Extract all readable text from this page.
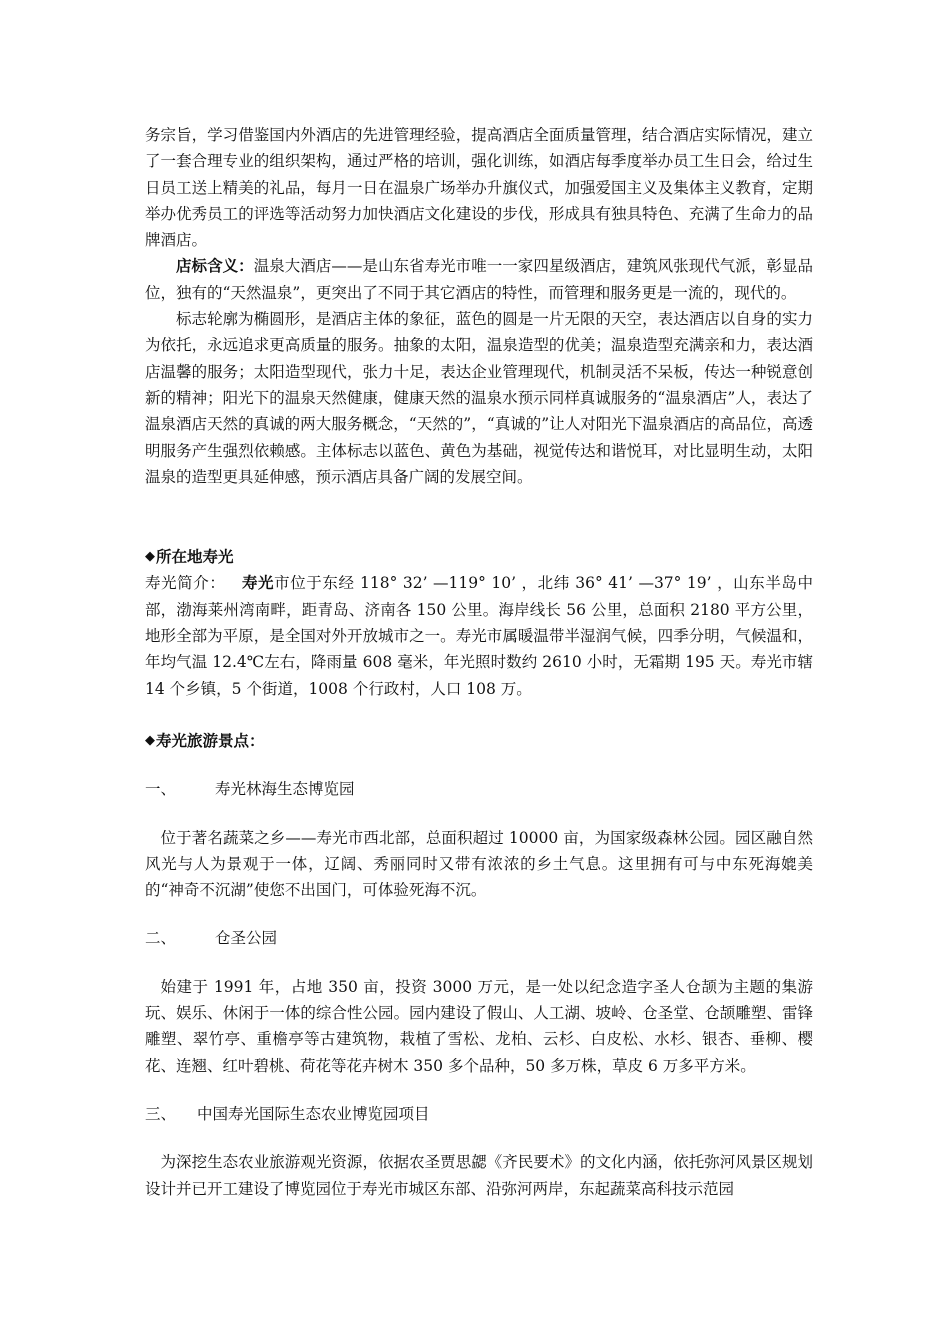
务宗旨，学习借鉴国内外酒店的先进管理经验，提高酒店全面质量管理，结合酒店实际情况，建立了一套合理专业的组织架构，通过严格的培训，强化训练，如酒店每季度举办员工生日会，给过生日员工送上精美的礼品，每月一日在温泉广场举办升旗仪式，加强爱国主义及集体主义教育，定期举办优秀员工的评选等活动努力加快酒店文化建设的步伐，形成具有独具特色、充满了生命力的品牌酒店。

店标含义：温泉大酒店——是山东省寿光市唯一一家四星级酒店，建筑风张现代气派，彰显品位，独有的“天然温泉”，更突出了不同于其它酒店的特性，而管理和服务更是一流的，现代的。

标志轮廓为椭圆形，是酒店主体的象征，蓝色的圆是一片无限的天空，表达酒店以自身的实力为依托，永远追求更高质量的服务。抽象的太阳，温泉造型的优美；温泉造型充满亲和力，表达酒店温馨的服务；太阳造型现代，张力十足，表达企业管理现代，机制灵活不呆板，传达一种锐意创新的精神；阳光下的温泉天然健康，健康天然的温泉水预示同样真诚服务的“温泉酒店”人，表达了温泉酒店天然的真诚的两大服务概念，“天然的”，“真诚的”让人对阳光下温泉酒店的高品位，高透明服务产生强烈依赖感。主体标志以蓝色、黄色为基础，视觉传达和谐悦耳，对比显明生动，太阳温泉的造型更具延伸感，预示酒店具备广阔的发展空间。

◆ 所在地寿光

寿光简介： 寿光市位于东经 118° 32’ —119° 10’ ，北纬 36° 41’ —37° 19’ ，山东半岛中部，渤海莱州湾南畔，距青岛、济南各 150 公里。海岸线长 56 公里，总面积 2180 平方公里，地形全部为平原，是全国对外开放城市之一。寿光市属暖温带半湿润气候，四季分明，气候温和，年均气温 12.4℃左右，降雨量 608 毫米，年光照时数约 2610 小时，无霜期 195 天。寿光市辖 14 个乡镇，5 个街道，1008 个行政村，人口 108 万。

◆ 寿光旅游景点：
一、	寿光林海生态博览园

位于著名蔬菜之乡——寿光市西北部，总面积超过 10000 亩，为国家级森林公园。园区融自然风光与人为景观于一体，辽阔、秀丽同时又带有浓浓的乡土气息。这里拥有可与中东死海媲美的“神奇不沉湖”使您不出国门，可体验死海不沉。

二、	仓圣公园

始建于 1991 年，占地 350 亩，投资 3000 万元，是一处以纪念造字圣人仓颉为主题的集游玩、娱乐、休闲于一体的综合性公园。园内建设了假山、人工湖、坡岭、仓圣堂、仓颉雕塑、雷锋雕塑、翠竹亭、重檐亭等古建筑物，栽植了雪松、龙柏、云杉、白皮松、水杉、银杏、垂柳、樱花、连翘、红叶碧桃、荷花等花卉树木 350 多个品种，50 多万株，草皮 6 万多平方米。

三、	中国寿光国际生态农业博览园项目

为深挖生态农业旅游观光资源，依据农圣贾思勰《齐民要术》的文化内涵，依托弥河风景区规划设计并已开工建设了博览园位于寿光市城区东部、沿弥河两岸，东起蔬菜高科技示范园
